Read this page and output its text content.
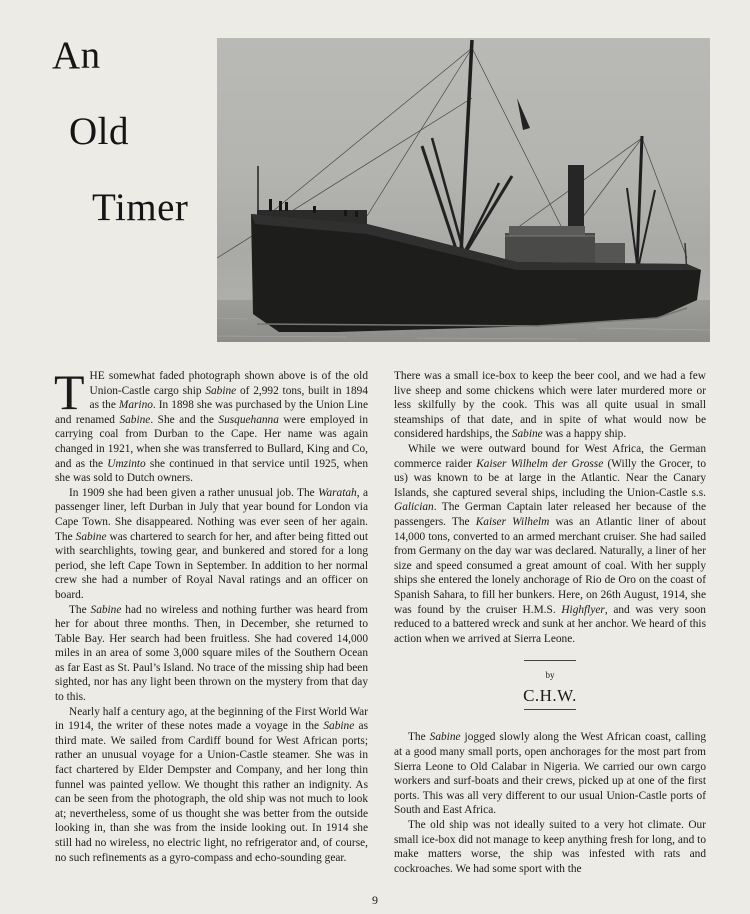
An
Old
Timer

THE somewhat faded photograph shown above is of the old Union-Castle cargo ship Sabine of 2,992 tons, built in 1894 as the Marino. In 1898 she was purchased by the Union Line and renamed Sabine. She and the Susquehanna were employed in carrying coal from Durban to the Cape. Her name was again changed in 1921, when she was transferred to Bullard, King and Co, and as the Umzinto she continued in that service until 1925, when she was sold to Dutch owners.

In 1909 she had been given a rather unusual job. The Waratah, a passenger liner, left Durban in July that year bound for London via Cape Town. She disappeared. Nothing was ever seen of her again. The Sabine was chartered to search for her, and after being fitted out with searchlights, towing gear, and bunkered and stored for a long period, she left Cape Town in September. In addition to her normal crew she had a number of Royal Naval ratings and an officer on board.

The Sabine had no wireless and nothing further was heard from her for about three months. Then, in December, she returned to Table Bay. Her search had been fruitless. She had covered 14,000 miles in an area of some 3,000 square miles of the Southern Ocean as far East as St. Paul’s Island. No trace of the missing ship had been sighted, nor has any light been thrown on the mystery from that day to this.

Nearly half a century ago, at the beginning of the First World War in 1914, the writer of these notes made a voyage in the Sabine as third mate. We sailed from Cardiff bound for West African ports; rather an unusual voyage for a Union-Castle steamer. She was in fact chartered by Elder Dempster and Company, and her long thin funnel was painted yellow. We thought this rather an indignity. As can be seen from the photograph, the old ship was not much to look at; nevertheless, some of us thought she was better from the outside looking in, than she was from the inside looking out. In 1914 she still had no wireless, no electric light, no refrigerator and, of course, no such refinements as a gyro-compass and echo-sounding gear.

There was a small ice-box to keep the beer cool, and we had a few live sheep and some chickens which were later murdered more or less skilfully by the cook. This was all quite usual in small steamships of that date, and in spite of what would now be considered hardships, the Sabine was a happy ship.

While we were outward bound for West Africa, the German commerce raider Kaiser Wilhelm der Grosse (Willy the Grocer, to us) was known to be at large in the Atlantic. Near the Canary Islands, she captured several ships, including the Union-Castle s.s. Galician. The German Captain later released her because of the passengers. The Kaiser Wilhelm was an Atlantic liner of about 14,000 tons, converted to an armed merchant cruiser. She had sailed from Germany on the day war was declared. Naturally, a liner of her size and speed consumed a great amount of coal. With her supply ships she entered the lonely anchorage of Rio de Oro on the coast of Spanish Sahara, to fill her bunkers. Here, on 26th August, 1914, she was found by the cruiser H.M.S. Highflyer, and was very soon reduced to a battered wreck and sunk at her anchor. We heard of this action when we arrived at Sierra Leone.

by
C.H.W.

The Sabine jogged slowly along the West African coast, calling at a good many small ports, open anchorages for the most part from Sierra Leone to Old Calabar in Nigeria. We carried our own cargo workers and surf-boats and their crews, picked up at one of the first ports. This was all very different to our usual Union-Castle ports of South and East Africa.

The old ship was not ideally suited to a very hot climate. Our small ice-box did not manage to keep anything fresh for long, and to make matters worse, the ship was infested with rats and cockroaches. We had some sport with the

9
